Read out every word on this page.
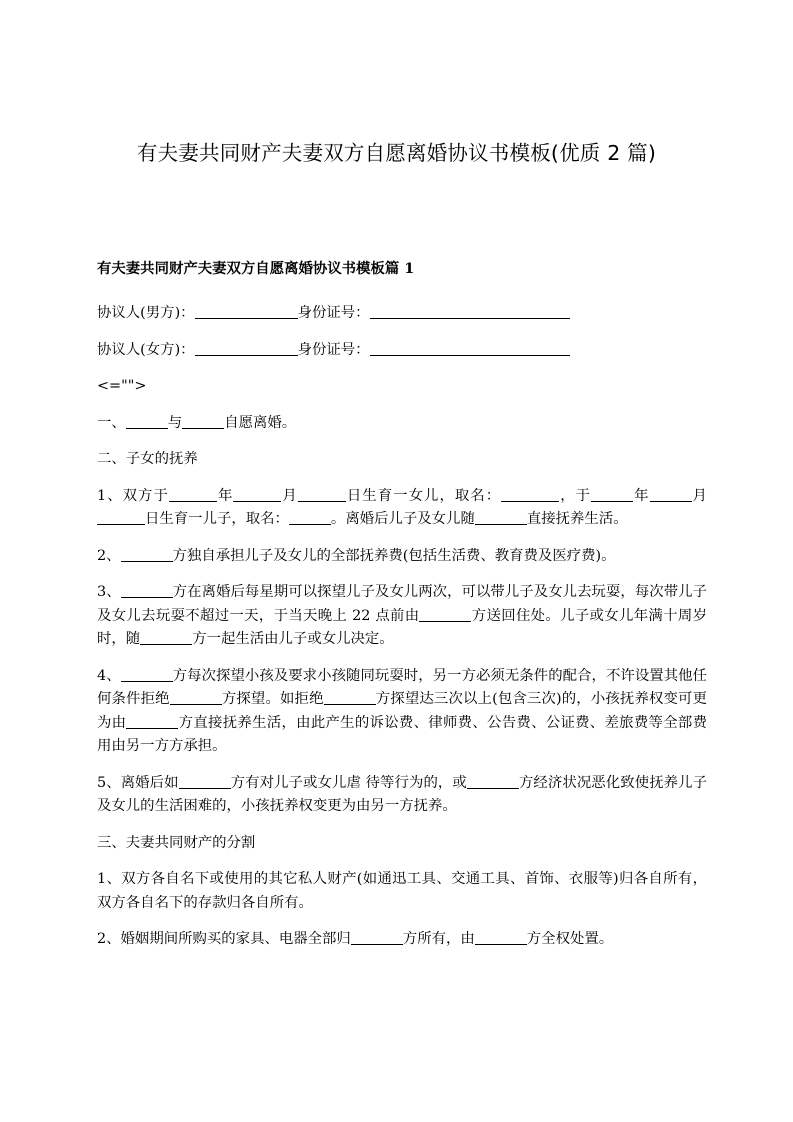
有夫妻共同财产夫妻双方自愿离婚协议书模板(优质 2 篇)
有夫妻共同财产夫妻双方自愿离婚协议书模板篇 1
协议人(男方)：	身份证号：
协议人(女方)：	身份证号：
<="">
一、	与	自愿离婚。
二、子女的抚养
1、双方于	年	月	日生育一女儿，取名：	，于	年	月日生育一儿子，取名：	。离婚后儿子及女儿随	直接抚养生活。
2、	方独自承担儿子及女儿的全部抚养费(包括生活费、教育费及医疗费)。
3、	方在离婚后每星期可以探望儿子及女儿两次，可以带儿子及女儿去玩耍，每次带儿子及女儿去玩耍不超过一天，于当天晚上 22 点前由	方送回住处。儿子或女儿年满十周岁时，随	方一起生活由儿子或女儿决定。
4、	方每次探望小孩及要求小孩随同玩耍时，另一方必须无条件的配合，不许设置其他任何条件拒绝	方探望。如拒绝	方探望达三次以上(包含三次)的，小孩抚养权变可更为由	方直接抚养生活，由此产生的诉讼费、律师费、公告费、公证费、差旅费等全部费用由另一方方承担。
5、离婚后如	方有对儿子或女儿虐 待等行为的，或	方经济状况恶化致使抚养儿子及女儿的生活困难的，小孩抚养权变更为由另一方抚养。
三、夫妻共同财产的分割
1、双方各自名下或使用的其它私人财产(如通迅工具、交通工具、首饰、衣服等)归各自所有，双方各自名下的存款归各自所有。
2、婚姻期间所购买的家具、电器全部归	方所有，由	方全权处置。
